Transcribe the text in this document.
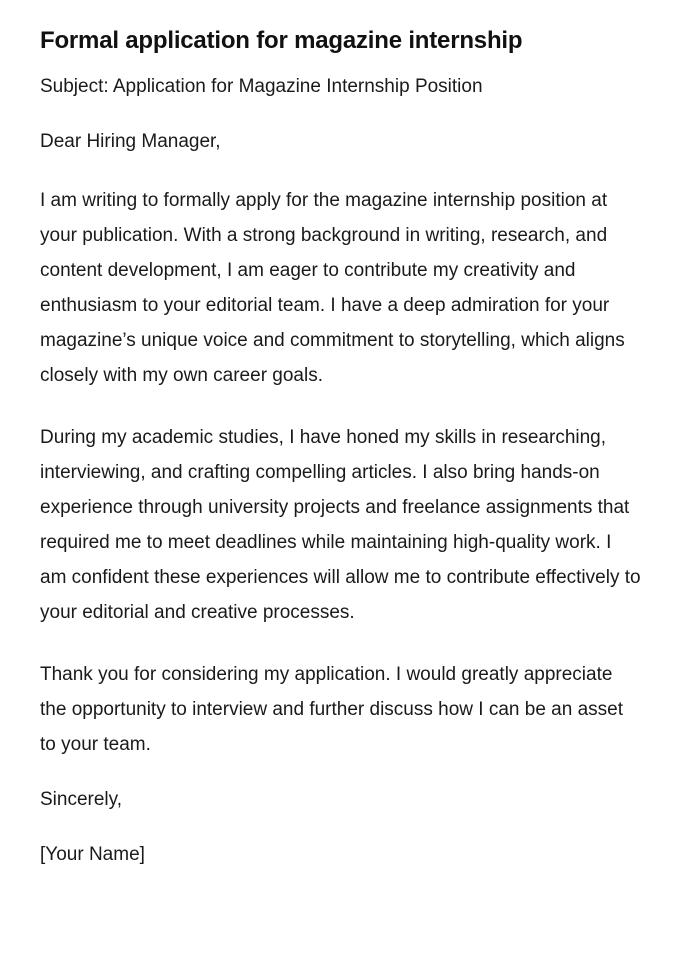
Formal application for magazine internship

Subject: Application for Magazine Internship Position

Dear Hiring Manager,

I am writing to formally apply for the magazine internship position at your publication. With a strong background in writing, research, and content development, I am eager to contribute my creativity and enthusiasm to your editorial team. I have a deep admiration for your magazine’s unique voice and commitment to storytelling, which aligns closely with my own career goals.

During my academic studies, I have honed my skills in researching, interviewing, and crafting compelling articles. I also bring hands-on experience through university projects and freelance assignments that required me to meet deadlines while maintaining high-quality work. I am confident these experiences will allow me to contribute effectively to your editorial and creative processes.

Thank you for considering my application. I would greatly appreciate the opportunity to interview and further discuss how I can be an asset to your team.

Sincerely,

[Your Name]
